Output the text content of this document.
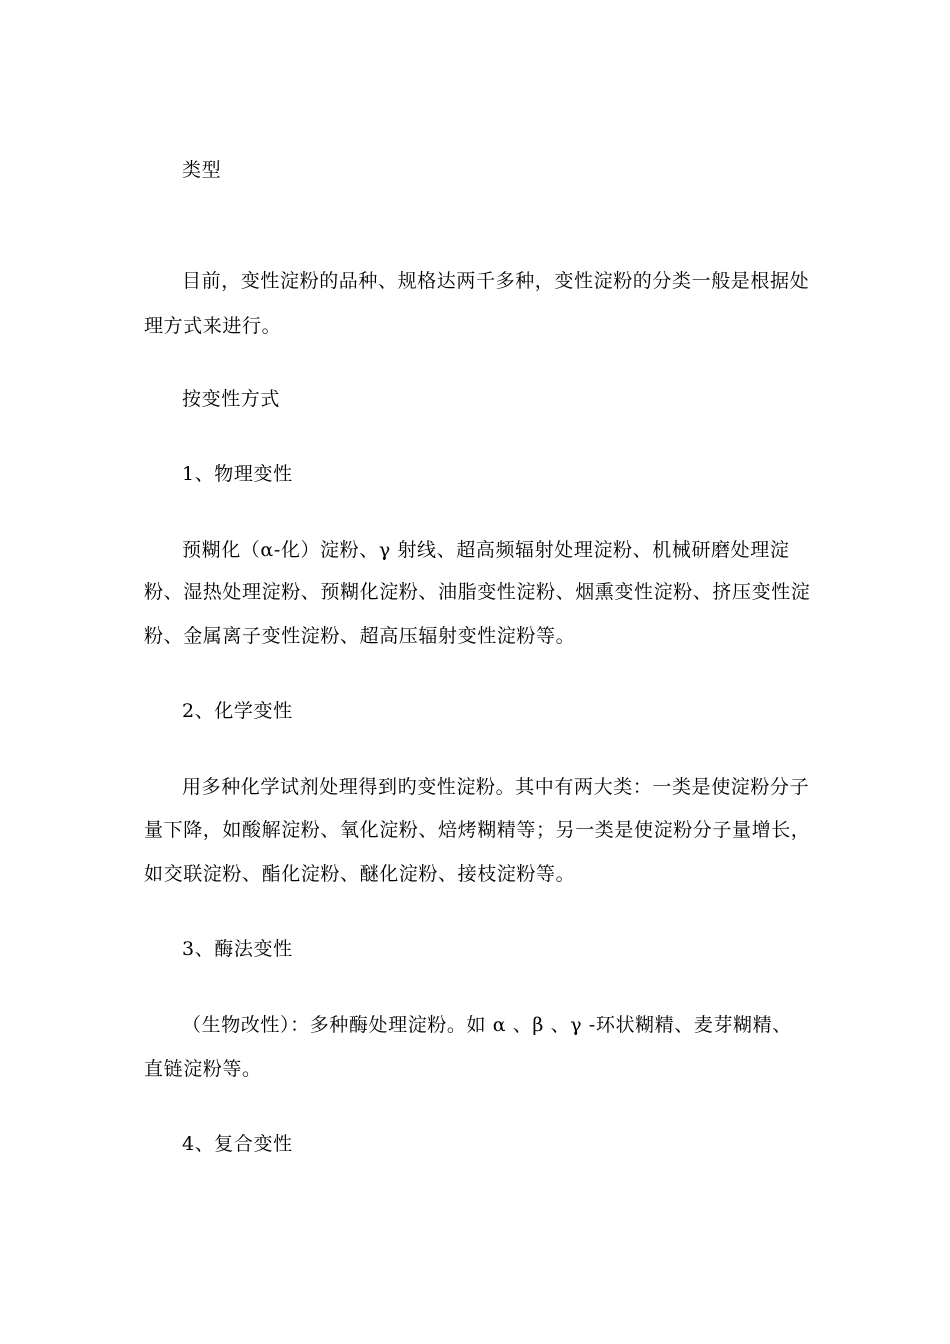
类型
目前，变性淀粉的品种、规格达两千多种，变性淀粉的分类一般是根据处
理方式来进行。
按变性方式
1、物理变性
预糊化（α-化）淀粉、γ 射线、超高频辐射处理淀粉、机械研磨处理淀
粉、湿热处理淀粉、预糊化淀粉、油脂变性淀粉、烟熏变性淀粉、挤压变性淀
粉、金属离子变性淀粉、超高压辐射变性淀粉等。
2、化学变性
用多种化学试剂处理得到旳变性淀粉。其中有两大类：一类是使淀粉分子
量下降，如酸解淀粉、氧化淀粉、焙烤糊精等；另一类是使淀粉分子量增长，
如交联淀粉、酯化淀粉、醚化淀粉、接枝淀粉等。
3、酶法变性
（生物改性）：多种酶处理淀粉。如 α 、β 、γ -环状糊精、麦芽糊精、
直链淀粉等。
4、复合变性
